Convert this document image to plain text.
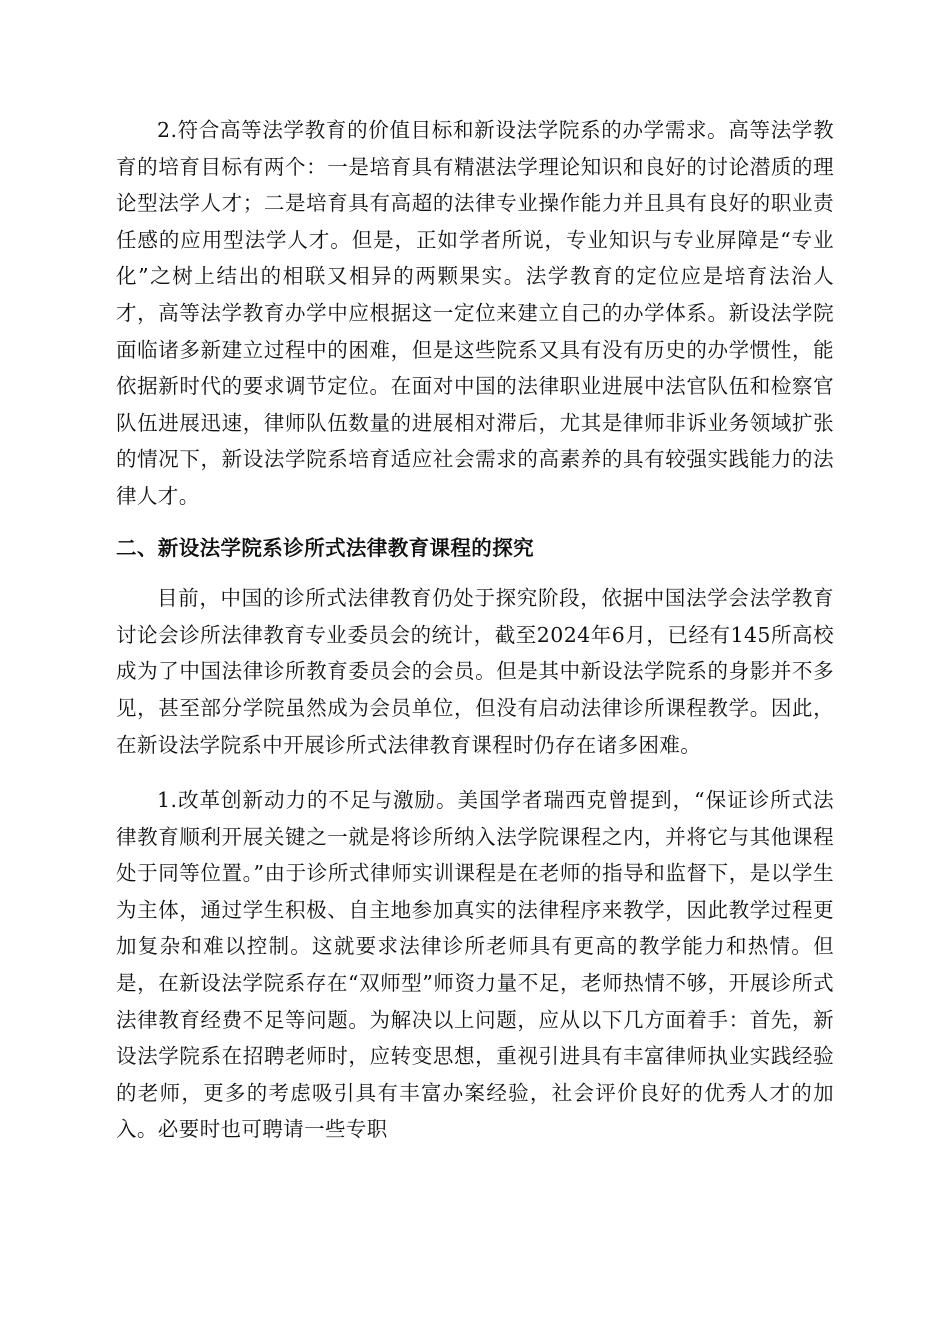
2.符合高等法学教育的价值目标和新设法学院系的办学需求。高等法学教育的培育目标有两个：一是培育具有精湛法学理论知识和良好的讨论潜质的理论型法学人才；二是培育具有高超的法律专业操作能力并且具有良好的职业责任感的应用型法学人才。但是，正如学者所说，专业知识与专业屏障是“专业化”之树上结出的相联又相异的两颗果实。法学教育的定位应是培育法治人才，高等法学教育办学中应根据这一定位来建立自己的办学体系。新设法学院面临诸多新建立过程中的困难，但是这些院系又具有没有历史的办学惯性，能依据新时代的要求调节定位。在面对中国的法律职业进展中法官队伍和检察官队伍进展迅速，律师队伍数量的进展相对滞后，尤其是律师非诉业务领域扩张的情况下，新设法学院系培育适应社会需求的高素养的具有较强实践能力的法律人才。

二、新设法学院系诊所式法律教育课程的探究

目前，中国的诊所式法律教育仍处于探究阶段，依据中国法学会法学教育讨论会诊所法律教育专业委员会的统计，截至2024年6月，已经有145所高校成为了中国法律诊所教育委员会的会员。但是其中新设法学院系的身影并不多见，甚至部分学院虽然成为会员单位，但没有启动法律诊所课程教学。因此，在新设法学院系中开展诊所式法律教育课程时仍存在诸多困难。

1.改革创新动力的不足与激励。美国学者瑞西克曾提到，“保证诊所式法律教育顺利开展关键之一就是将诊所纳入法学院课程之内，并将它与其他课程处于同等位置。”由于诊所式律师实训课程是在老师的指导和监督下，是以学生为主体，通过学生积极、自主地参加真实的法律程序来教学，因此教学过程更加复杂和难以控制。这就要求法律诊所老师具有更高的教学能力和热情。但是，在新设法学院系存在“双师型”师资力量不足，老师热情不够，开展诊所式法律教育经费不足等问题。为解决以上问题，应从以下几方面着手：首先，新设法学院系在招聘老师时，应转变思想，重视引进具有丰富律师执业实践经验的老师，更多的考虑吸引具有丰富办案经验，社会评价良好的优秀人才的加入。必要时也可聘请一些专职
